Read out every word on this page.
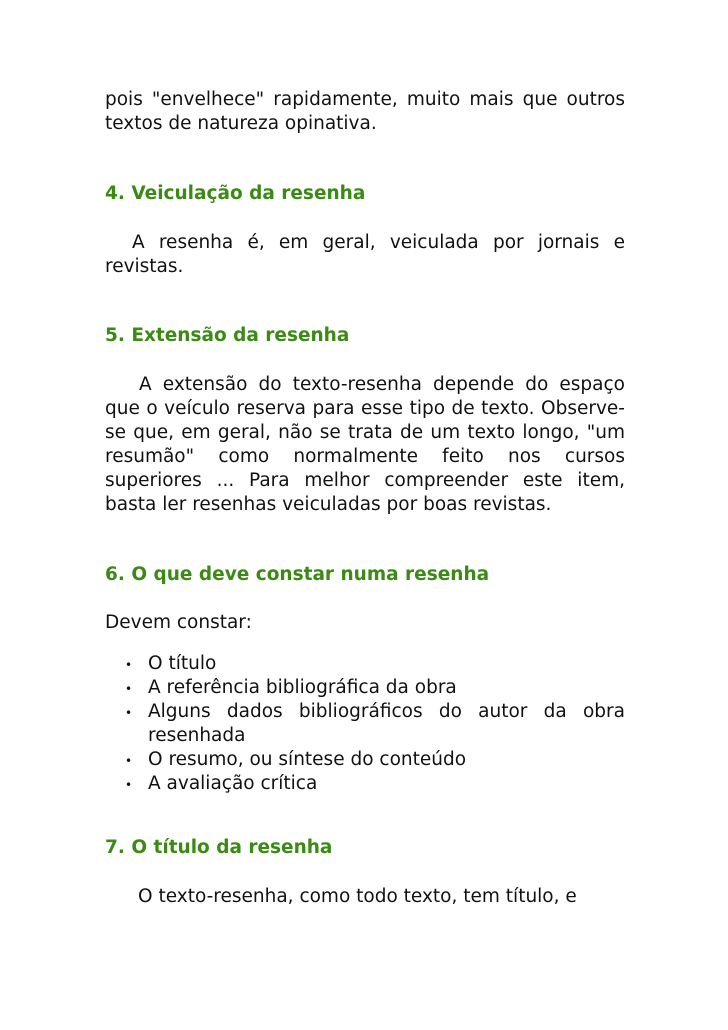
pois "envelhece" rapidamente, muito mais que outros textos de natureza opinativa.

4. Veiculação da resenha

A resenha é, em geral, veiculada por jornais e revistas.

5. Extensão da resenha

A extensão do texto-resenha depende do espaço que o veículo reserva para esse tipo de texto. Observe-se que, em geral, não se trata de um texto longo, "um resumão" como normalmente feito nos cursos superiores ... Para melhor compreender este item, basta ler resenhas veiculadas por boas revistas.

6. O que deve constar numa resenha

Devem constar:

• O título
• A referência bibliográfica da obra
• Alguns dados bibliográficos do autor da obra resenhada
• O resumo, ou síntese do conteúdo
• A avaliação crítica
7. O título da resenha

O texto-resenha, como todo texto, tem título, e
